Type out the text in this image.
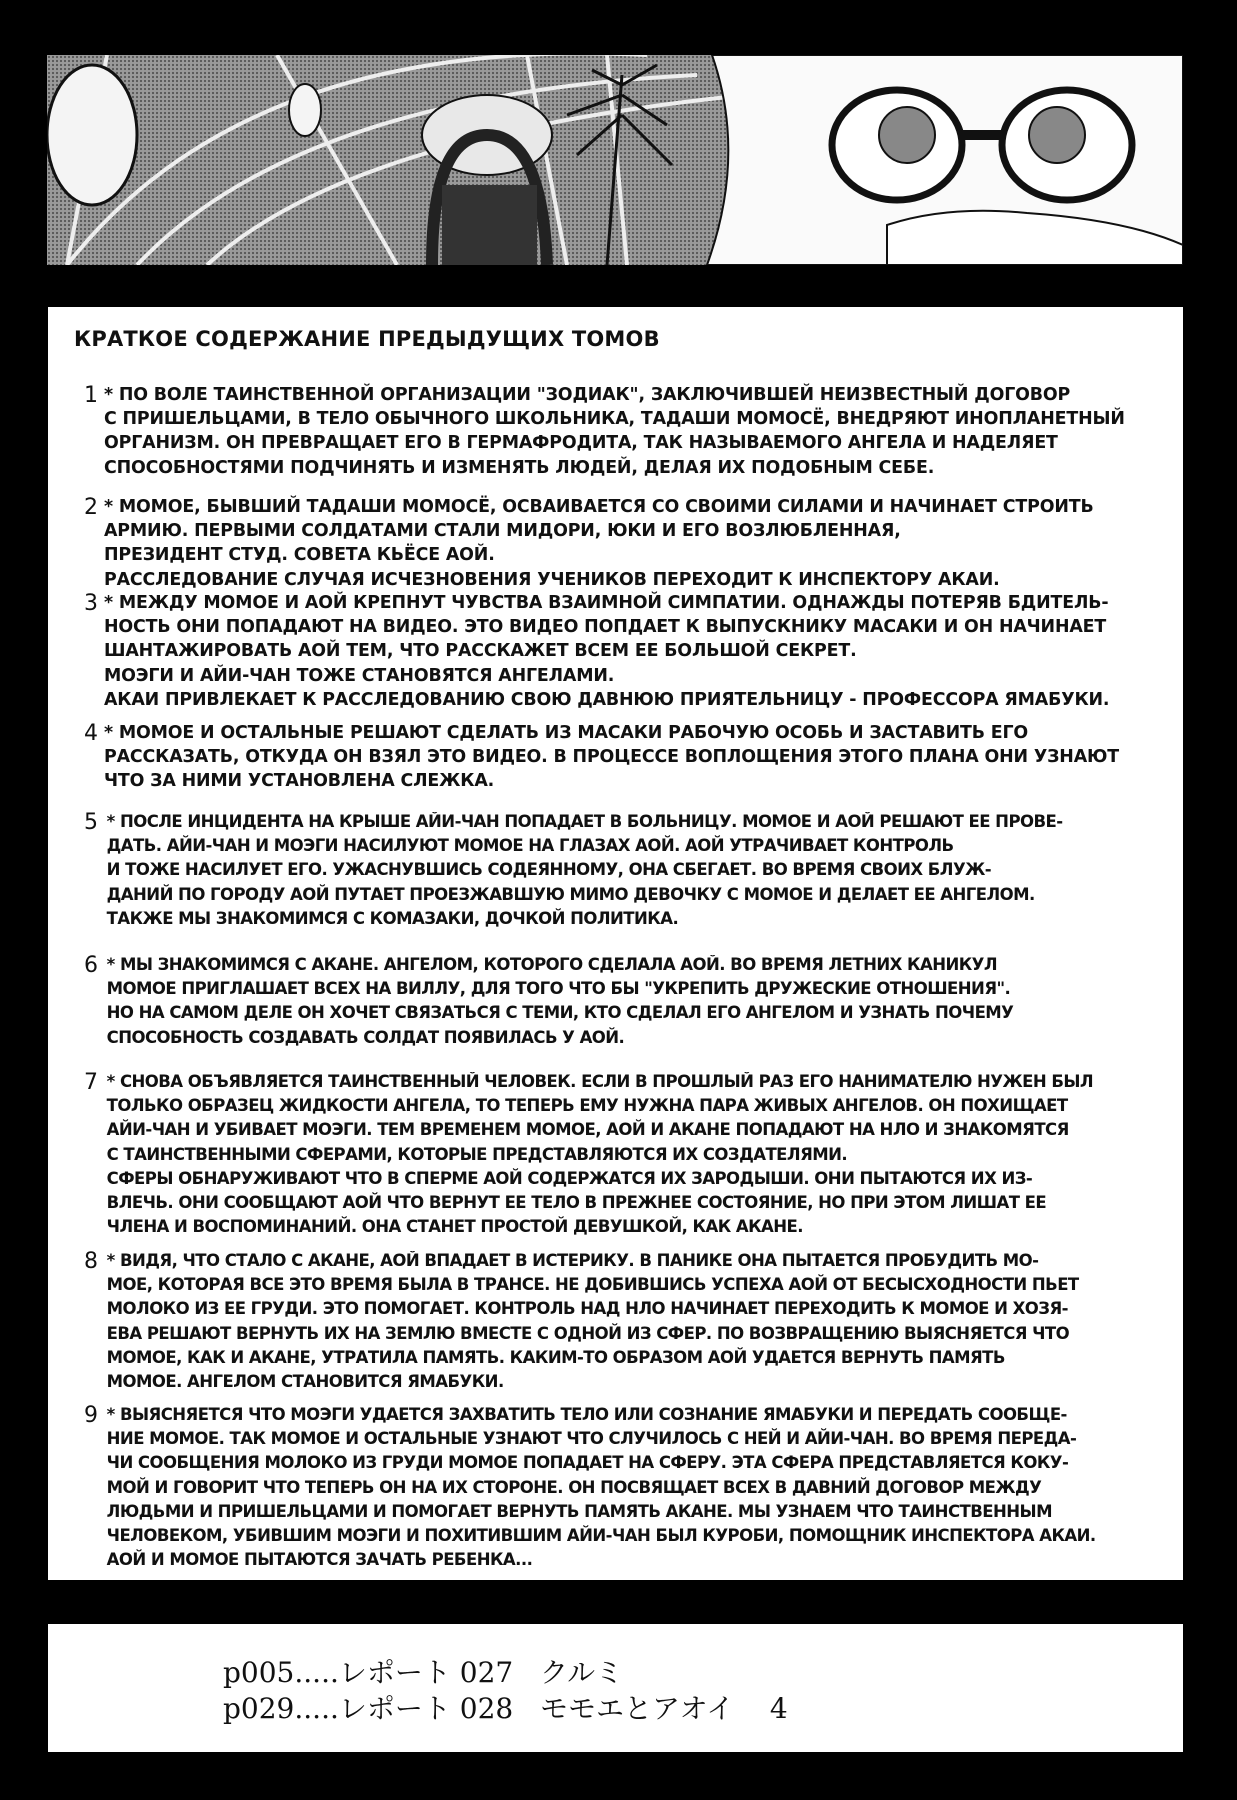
КРАТКОЕ СОДЕРЖАНИЕ ПРЕДЫДУЩИХ ТОМОВ
1 * ПО ВОЛЕ ТАИНСТВЕННОЙ ОРГАНИЗАЦИИ "ЗОДИАК", ЗАКЛЮЧИВШЕЙ НЕИЗВЕСТНЫЙ ДОГОВОР
С ПРИШЕЛЬЦАМИ, В ТЕЛО ОБЫЧНОГО ШКОЛЬНИКА, ТАДАШИ МОМОСЁ, ВНЕДРЯЮТ ИНОПЛАНЕТНЫЙ
ОРГАНИЗМ. ОН ПРЕВРАЩАЕТ ЕГО В ГЕРМАФРОДИТА, ТАК НАЗЫВАЕМОГО АНГЕЛА И НАДЕЛЯЕТ
СПОСОБНОСТЯМИ ПОДЧИНЯТЬ И ИЗМЕНЯТЬ ЛЮДЕЙ, ДЕЛАЯ ИХ ПОДОБНЫМ СЕБЕ.
2 * МОМОЕ, БЫВШИЙ ТАДАШИ МОМОСЁ, ОСВАИВАЕТСЯ СО СВОИМИ СИЛАМИ И НАЧИНАЕТ СТРОИТЬ
АРМИЮ. ПЕРВЫМИ СОЛДАТАМИ СТАЛИ МИДОРИ, ЮКИ И ЕГО ВОЗЛЮБЛЕННАЯ,
ПРЕЗИДЕНТ СТУД. СОВЕТА КЬЁСЕ АОЙ.
РАССЛЕДОВАНИЕ СЛУЧАЯ ИСЧЕЗНОВЕНИЯ УЧЕНИКОВ ПЕРЕХОДИТ К ИНСПЕКТОРУ АКАИ.
3 * МЕЖДУ МОМОЕ И АОЙ КРЕПНУТ ЧУВСТВА ВЗАИМНОЙ СИМПАТИИ. ОДНАЖДЫ ПОТЕРЯВ БДИТЕЛЬ-
НОСТЬ ОНИ ПОПАДАЮТ НА ВИДЕО. ЭТО ВИДЕО ПОПДАЕТ К ВЫПУСКНИКУ МАСАКИ И ОН НАЧИНАЕТ
ШАНТАЖИРОВАТЬ АОЙ ТЕМ, ЧТО РАССКАЖЕТ ВСЕМ ЕЕ БОЛЬШОЙ СЕКРЕТ.
МОЭГИ И АЙИ-ЧАН ТОЖЕ СТАНОВЯТСЯ АНГЕЛАМИ.
АКАИ ПРИВЛЕКАЕТ К РАССЛЕДОВАНИЮ СВОЮ ДАВНЮЮ ПРИЯТЕЛЬНИЦУ - ПРОФЕССОРА ЯМАБУКИ.
4 * МОМОЕ И ОСТАЛЬНЫЕ РЕШАЮТ СДЕЛАТЬ ИЗ МАСАКИ РАБОЧУЮ ОСОБЬ И ЗАСТАВИТЬ ЕГО
РАССКАЗАТЬ, ОТКУДА ОН ВЗЯЛ ЭТО ВИДЕО. В ПРОЦЕССЕ ВОПЛОЩЕНИЯ ЭТОГО ПЛАНА ОНИ УЗНАЮТ
ЧТО ЗА НИМИ УСТАНОВЛЕНА СЛЕЖКА.
5 * ПОСЛЕ ИНЦИДЕНТА НА КРЫШЕ АЙИ-ЧАН ПОПАДАЕТ В БОЛЬНИЦУ. МОМОЕ И АОЙ РЕШАЮТ ЕЕ ПРОВЕ-
ДАТЬ. АЙИ-ЧАН И МОЭГИ НАСИЛУЮТ МОМОЕ НА ГЛАЗАХ АОЙ. АОЙ УТРАЧИВАЕТ КОНТРОЛЬ
И ТОЖЕ НАСИЛУЕТ ЕГО. УЖАСНУВШИСЬ СОДЕЯННОМУ, ОНА СБЕГАЕТ. ВО ВРЕМЯ СВОИХ БЛУЖ-
ДАНИЙ ПО ГОРОДУ АОЙ ПУТАЕТ ПРОЕЗЖАВШУЮ МИМО ДЕВОЧКУ С МОМОЕ И ДЕЛАЕТ ЕЕ АНГЕЛОМ.
ТАКЖЕ МЫ ЗНАКОМИМСЯ С КОМАЗАКИ, ДОЧКОЙ ПОЛИТИКА.
6 * МЫ ЗНАКОМИМСЯ С АКАНЕ. АНГЕЛОМ, КОТОРОГО СДЕЛАЛА АОЙ. ВО ВРЕМЯ ЛЕТНИХ КАНИКУЛ
МОМОЕ ПРИГЛАШАЕТ ВСЕХ НА ВИЛЛУ, ДЛЯ ТОГО ЧТО БЫ "УКРЕПИТЬ ДРУЖЕСКИЕ ОТНОШЕНИЯ".
НО НА САМОМ ДЕЛЕ ОН ХОЧЕТ СВЯЗАТЬСЯ С ТЕМИ, КТО СДЕЛАЛ ЕГО АНГЕЛОМ И УЗНАТЬ ПОЧЕМУ
СПОСОБНОСТЬ СОЗДАВАТЬ СОЛДАТ ПОЯВИЛАСЬ У АОЙ.
7 * СНОВА ОБЪЯВЛЯЕТСЯ ТАИНСТВЕННЫЙ ЧЕЛОВЕК. ЕСЛИ В ПРОШЛЫЙ РАЗ ЕГО НАНИМАТЕЛЮ НУЖЕН БЫЛ
ТОЛЬКО ОБРАЗЕЦ ЖИДКОСТИ АНГЕЛА, ТО ТЕПЕРЬ ЕМУ НУЖНА ПАРА ЖИВЫХ АНГЕЛОВ. ОН ПОХИЩАЕТ
АЙИ-ЧАН И УБИВАЕТ МОЭГИ. ТЕМ ВРЕМЕНЕМ МОМОЕ, АОЙ И АКАНЕ ПОПАДАЮТ НА НЛО И ЗНАКОМЯТСЯ
С ТАИНСТВЕННЫМИ СФЕРАМИ, КОТОРЫЕ ПРЕДСТАВЛЯЮТСЯ ИХ СОЗДАТЕЛЯМИ.
СФЕРЫ ОБНАРУЖИВАЮТ ЧТО В СПЕРМЕ АОЙ СОДЕРЖАТСЯ ИХ ЗАРОДЫШИ. ОНИ ПЫТАЮТСЯ ИХ ИЗ-
ВЛЕЧЬ. ОНИ СООБЩАЮТ АОЙ ЧТО ВЕРНУТ ЕЕ ТЕЛО В ПРЕЖНЕЕ СОСТОЯНИЕ, НО ПРИ ЭТОМ ЛИШАТ ЕЕ
ЧЛЕНА И ВОСПОМИНАНИЙ. ОНА СТАНЕТ ПРОСТОЙ ДЕВУШКОЙ, КАК АКАНЕ.
8 * ВИДЯ, ЧТО СТАЛО С АКАНЕ, АОЙ ВПАДАЕТ В ИСТЕРИКУ. В ПАНИКЕ ОНА ПЫТАЕТСЯ ПРОБУДИТЬ МО-
МОЕ, КОТОРАЯ ВСЕ ЭТО ВРЕМЯ БЫЛА В ТРАНСЕ. НЕ ДОБИВШИСЬ УСПЕХА АОЙ ОТ БЕСЫСХОДНОСТИ ПЬЕТ
МОЛОКО ИЗ ЕЕ ГРУДИ. ЭТО ПОМОГАЕТ. КОНТРОЛЬ НАД НЛО НАЧИНАЕТ ПЕРЕХОДИТЬ К МОМОЕ И ХОЗЯ-
ЕВА РЕШАЮТ ВЕРНУТЬ ИХ НА ЗЕМЛЮ ВМЕСТЕ С ОДНОЙ ИЗ СФЕР. ПО ВОЗВРАЩЕНИЮ ВЫЯСНЯЕТСЯ ЧТО
МОМОЕ, КАК И АКАНЕ, УТРАТИЛА ПАМЯТЬ. КАКИМ-ТО ОБРАЗОМ АОЙ УДАЕТСЯ ВЕРНУТЬ ПАМЯТЬ
МОМОЕ. АНГЕЛОМ СТАНОВИТСЯ ЯМАБУКИ.
9 * ВЫЯСНЯЕТСЯ ЧТО МОЭГИ УДАЕТСЯ ЗАХВАТИТЬ ТЕЛО ИЛИ СОЗНАНИЕ ЯМАБУКИ И ПЕРЕДАТЬ СООБЩЕ-
НИЕ МОМОЕ. ТАК МОМОЕ И ОСТАЛЬНЫЕ УЗНАЮТ ЧТО СЛУЧИЛОСЬ С НЕЙ И АЙИ-ЧАН. ВО ВРЕМЯ ПЕРЕДА-
ЧИ СООБЩЕНИЯ МОЛОКО ИЗ ГРУДИ МОМОЕ ПОПАДАЕТ НА СФЕРУ. ЭТА СФЕРА ПРЕДСТАВЛЯЕТСЯ КОКУ-
МОЙ И ГОВОРИТ ЧТО ТЕПЕРЬ ОН НА ИХ СТОРОНЕ. ОН ПОСВЯЩАЕТ ВСЕХ В ДАВНИЙ ДОГОВОР МЕЖДУ
ЛЮДЬМИ И ПРИШЕЛЬЦАМИ И ПОМОГАЕТ ВЕРНУТЬ ПАМЯТЬ АКАНЕ. МЫ УЗНАЕМ ЧТО ТАИНСТВЕННЫМ
ЧЕЛОВЕКОМ, УБИВШИМ МОЭГИ И ПОХИТИВШИМ АЙИ-ЧАН БЫЛ КУРОБИ, ПОМОЩНИК ИНСПЕКТОРА АКАИ.
АОЙ И МОМОЕ ПЫТАЮТСЯ ЗАЧАТЬ РЕБЕНКА...
p005.....レポート 027 クルミ
p029.....レポート 028 モモエとアオイ 4
